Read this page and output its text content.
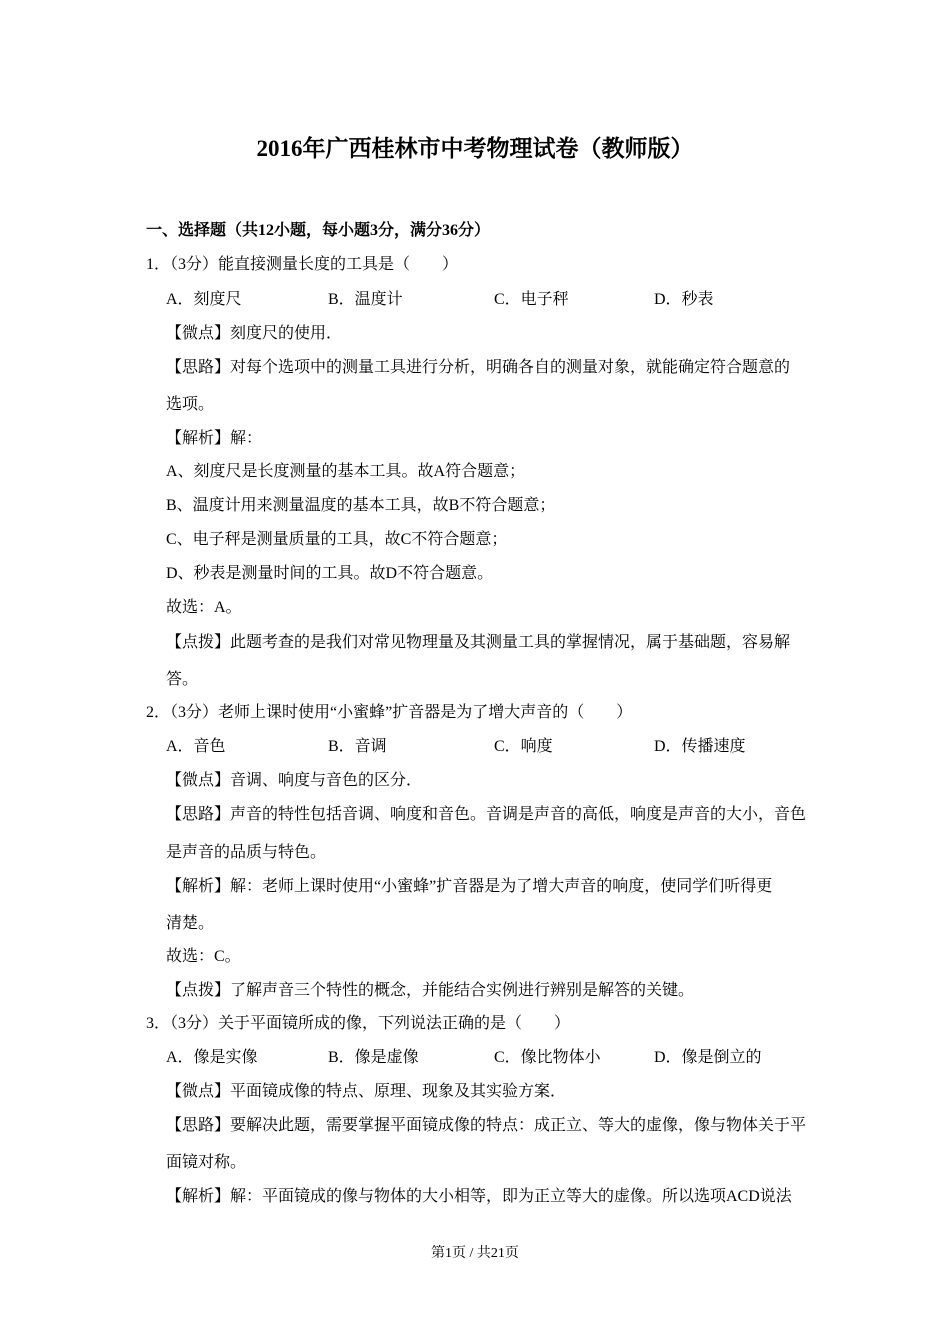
2016年广西桂林市中考物理试卷（教师版）
一、选择题（共12小题，每小题3分，满分36分）
1．（3分）能直接测量长度的工具是（　　）
A．刻度尺	B．温度计	C．电子秤	D．秒表
【微点】刻度尺的使用．
【思路】对每个选项中的测量工具进行分析，明确各自的测量对象，就能确定符合题意的
选项。
【解析】解：
A、刻度尺是长度测量的基本工具。故A符合题意；
B、温度计用来测量温度的基本工具，故B不符合题意；
C、电子秤是测量质量的工具，故C不符合题意；
D、秒表是测量时间的工具。故D不符合题意。
故选：A。
【点拨】此题考查的是我们对常见物理量及其测量工具的掌握情况，属于基础题，容易解
答。
2．（3分）老师上课时使用“小蜜蜂”扩音器是为了增大声音的（　　）
A．音色	B．音调	C．响度	D．传播速度
【微点】音调、响度与音色的区分．
【思路】声音的特性包括音调、响度和音色。音调是声音的高低，响度是声音的大小，音色
是声音的品质与特色。
【解析】解：老师上课时使用“小蜜蜂”扩音器是为了增大声音的响度，使同学们听得更
清楚。
故选：C。
【点拨】了解声音三个特性的概念，并能结合实例进行辨别是解答的关键。
3．（3分）关于平面镜所成的像，下列说法正确的是（　　）
A．像是实像	B．像是虚像	C．像比物体小	D．像是倒立的
【微点】平面镜成像的特点、原理、现象及其实验方案．
【思路】要解决此题，需要掌握平面镜成像的特点：成正立、等大的虚像，像与物体关于平
面镜对称。
【解析】解：平面镜成的像与物体的大小相等，即为正立等大的虚像。所以选项ACD说法
第1页 / 共21页
